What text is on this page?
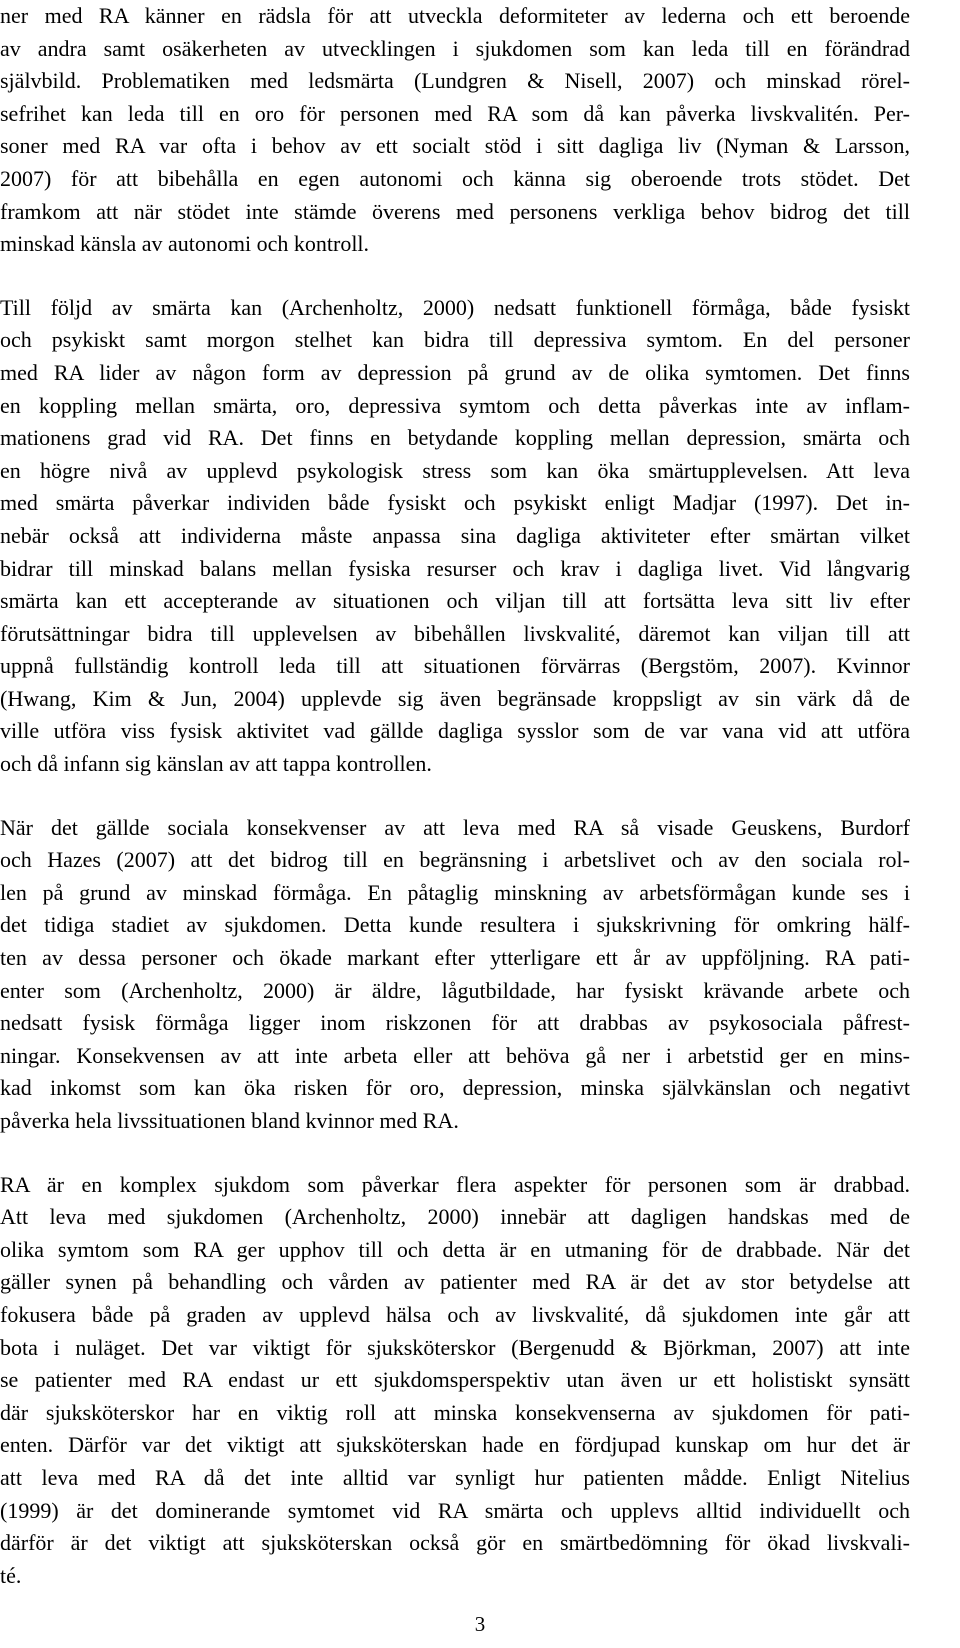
ner med RA känner en rädsla för att utveckla deformiteter av lederna och ett beroende
av andra samt osäkerheten av utvecklingen i sjukdomen som kan leda till en förändrad
självbild. Problematiken med ledsmärta (Lundgren & Nisell, 2007) och minskad rörel-
sefrihet kan leda till en oro för personen med RA som då kan påverka livskvalitén. Per-
soner med RA var ofta i behov av ett socialt stöd i sitt dagliga liv (Nyman & Larsson,
2007) för att bibehålla en egen autonomi och känna sig oberoende trots stödet. Det
framkom att när stödet inte stämde överens med personens verkliga behov bidrog det till
minskad känsla av autonomi och kontroll.
Till följd av smärta kan (Archenholtz, 2000) nedsatt funktionell förmåga, både fysiskt
och psykiskt samt morgon stelhet kan bidra till depressiva symtom. En del personer
med RA lider av någon form av depression på grund av de olika symtomen. Det finns
en koppling mellan smärta, oro, depressiva symtom och detta påverkas inte av inflam-
mationens grad vid RA. Det finns en betydande koppling mellan depression, smärta och
en högre nivå av upplevd psykologisk stress som kan öka smärtupplevelsen. Att leva
med smärta påverkar individen både fysiskt och psykiskt enligt Madjar (1997). Det in-
nebär också att individerna måste anpassa sina dagliga aktiviteter efter smärtan vilket
bidrar till minskad balans mellan fysiska resurser och krav i dagliga livet. Vid långvarig
smärta kan ett accepterande av situationen och viljan till att fortsätta leva sitt liv efter
förutsättningar bidra till upplevelsen av bibehållen livskvalité, däremot kan viljan till att
uppnå fullständig kontroll leda till att situationen förvärras (Bergstöm, 2007). Kvinnor
(Hwang, Kim & Jun, 2004) upplevde sig även begränsade kroppsligt av sin värk då de
ville utföra viss fysisk aktivitet vad gällde dagliga sysslor som de var vana vid att utföra
och då infann sig känslan av att tappa kontrollen.
När det gällde sociala konsekvenser av att leva med RA så visade Geuskens, Burdorf
och Hazes (2007) att det bidrog till en begränsning i arbetslivet och av den sociala rol-
len på grund av minskad förmåga. En påtaglig minskning av arbetsförmågan kunde ses i
det tidiga stadiet av sjukdomen. Detta kunde resultera i sjukskrivning för omkring hälf-
ten av dessa personer och ökade markant efter ytterligare ett år av uppföljning. RA pati-
enter som (Archenholtz, 2000) är äldre, lågutbildade, har fysiskt krävande arbete och
nedsatt fysisk förmåga ligger inom riskzonen för att drabbas av psykosociala påfrest-
ningar. Konsekvensen av att inte arbeta eller att behöva gå ner i arbetstid ger en mins-
kad inkomst som kan öka risken för oro, depression, minska självkänslan och negativt
påverka hela livssituationen bland kvinnor med RA.
RA är en komplex sjukdom som påverkar flera aspekter för personen som är drabbad.
Att leva med sjukdomen (Archenholtz, 2000) innebär att dagligen handskas med de
olika symtom som RA ger upphov till och detta är en utmaning för de drabbade. När det
gäller synen på behandling och vården av patienter med RA är det av stor betydelse att
fokusera både på graden av upplevd hälsa och av livskvalité, då sjukdomen inte går att
bota i nuläget. Det var viktigt för sjuksköterskor (Bergenudd & Björkman, 2007) att inte
se patienter med RA endast ur ett sjukdomsperspektiv utan även ur ett holistiskt synsätt
där sjuksköterskor har en viktig roll att minska konsekvenserna av sjukdomen för pati-
enten. Därför var det viktigt att sjuksköterskan hade en fördjupad kunskap om hur det är
att leva med RA då det inte alltid var synligt hur patienten mådde. Enligt Nitelius
(1999) är det dominerande symtomet vid RA smärta och upplevs alltid individuellt och
därför är det viktigt att sjuksköterskan också gör en smärtbedömning för ökad livskvali-
té.
3
